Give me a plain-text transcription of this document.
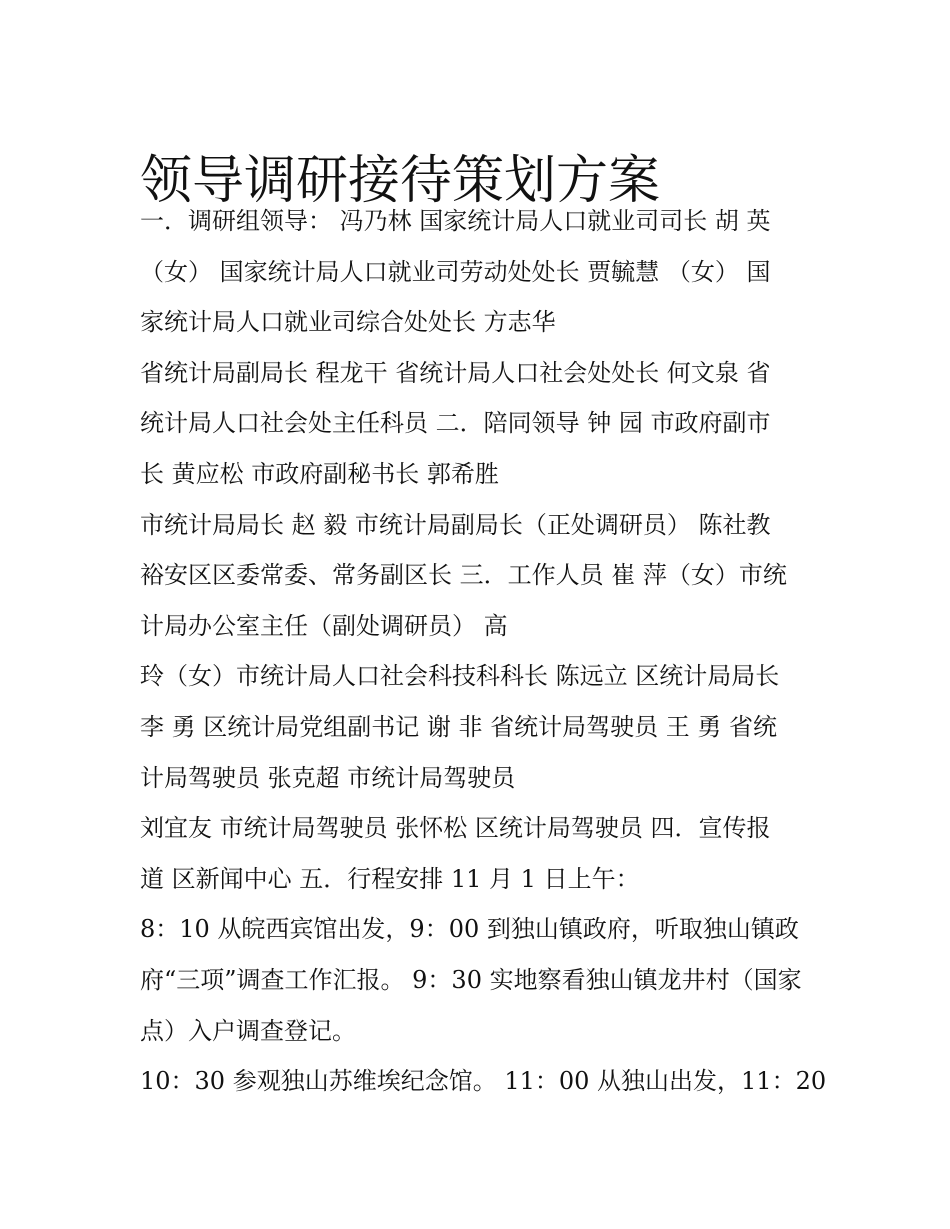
领导调研接待策划方案
一．调研组领导： 冯乃林 国家统计局人口就业司司长 胡 英
（女） 国家统计局人口就业司劳动处处长 贾毓慧 （女） 国
家统计局人口就业司综合处处长 方志华
省统计局副局长 程龙干 省统计局人口社会处处长 何文泉 省
统计局人口社会处主任科员 二．陪同领导 钟 园 市政府副市
长 黄应松 市政府副秘书长 郭希胜
市统计局局长 赵 毅 市统计局副局长（正处调研员） 陈社教
裕安区区委常委、常务副区长 三．工作人员 崔 萍（女）市统
计局办公室主任（副处调研员） 高
玲（女）市统计局人口社会科技科科长 陈远立 区统计局局长
李 勇 区统计局党组副书记 谢 非 省统计局驾驶员 王 勇 省统
计局驾驶员 张克超 市统计局驾驶员
刘宜友 市统计局驾驶员 张怀松 区统计局驾驶员 四．宣传报
道 区新闻中心 五．行程安排 11 月 1 日上午：
8：10 从皖西宾馆出发，9：00 到独山镇政府，听取独山镇政
府“三项”调查工作汇报。 9：30 实地察看独山镇龙井村（国家
点）入户调查登记。
10：30 参观独山苏维埃纪念馆。 11：00 从独山出发，11：20
